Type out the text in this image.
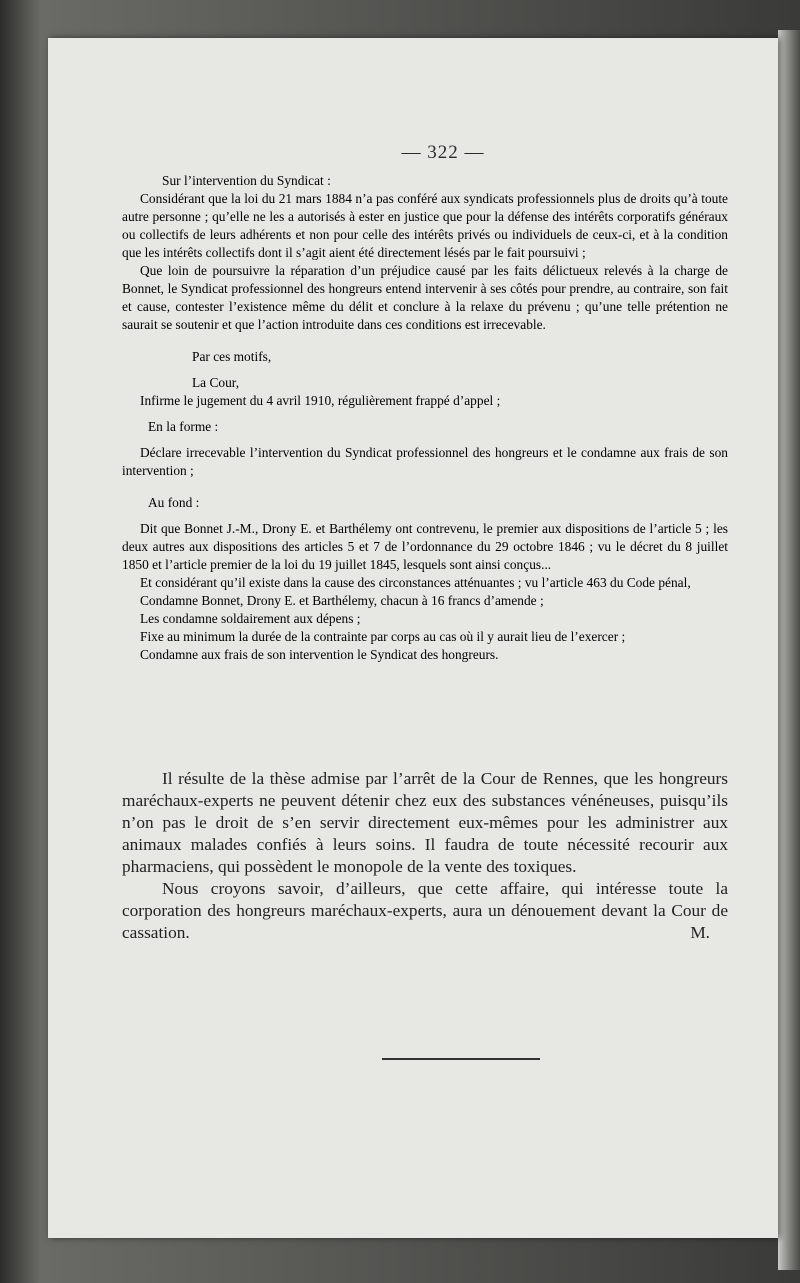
— 322 —

Sur l’intervention du Syndicat :

Considérant que la loi du 21 mars 1884 n’a pas conféré aux syndicats professionnels plus de droits qu’à toute autre personne ; qu’elle ne les a autorisés à ester en justice que pour la défense des intérêts corporatifs généraux ou collectifs de leurs adhérents et non pour celle des intérêts privés ou individuels de ceux-ci, et à la condition que les intérêts collectifs dont il s’agit aient été directement lésés par le fait poursuivi ;

Que loin de poursuivre la réparation d’un préjudice causé par les faits délictueux relevés à la charge de Bonnet, le Syndicat professionnel des hongreurs entend intervenir à ses côtés pour prendre, au contraire, son fait et cause, contester l’existence même du délit et conclure à la relaxe du prévenu ; qu’une telle prétention ne saurait se soutenir et que l’action introduite dans ces conditions est irrecevable.

Par ces motifs,

La Cour,

Infirme le jugement du 4 avril 1910, régulièrement frappé d’appel ;

En la forme :

Déclare irrecevable l’intervention du Syndicat professionnel des hongreurs et le condamne aux frais de son intervention ;

Au fond :

Dit que Bonnet J.-M., Drony E. et Barthélemy ont contrevenu, le premier aux dispositions de l’article 5 ; les deux autres aux dispositions des articles 5 et 7 de l’ordonnance du 29 octobre 1846 ; vu le décret du 8 juillet 1850 et l’article premier de la loi du 19 juillet 1845, lesquels sont ainsi conçus...

Et considérant qu’il existe dans la cause des circonstances atténuantes ; vu l’article 463 du Code pénal,

Condamne Bonnet, Drony E. et Barthélemy, chacun à 16 francs d’amende ;

Les condamne soldairement aux dépens ;

Fixe au minimum la durée de la contrainte par corps au cas où il y aurait lieu de l’exercer ;

Condamne aux frais de son intervention le Syndicat des hongreurs.

Il résulte de la thèse admise par l’arrêt de la Cour de Rennes, que les hongreurs maréchaux-experts ne peuvent détenir chez eux des substances vénéneuses, puisqu’ils n’on pas le droit de s’en servir directement eux-mêmes pour les administrer aux animaux malades confiés à leurs soins. Il faudra de toute nécessité recourir aux pharmaciens, qui possèdent le monopole de la vente des toxiques.

Nous croyons savoir, d’ailleurs, que cette affaire, qui intéresse toute la corporation des hongreurs maréchaux-experts, aura un dénouement devant la Cour de cassation.	M.
